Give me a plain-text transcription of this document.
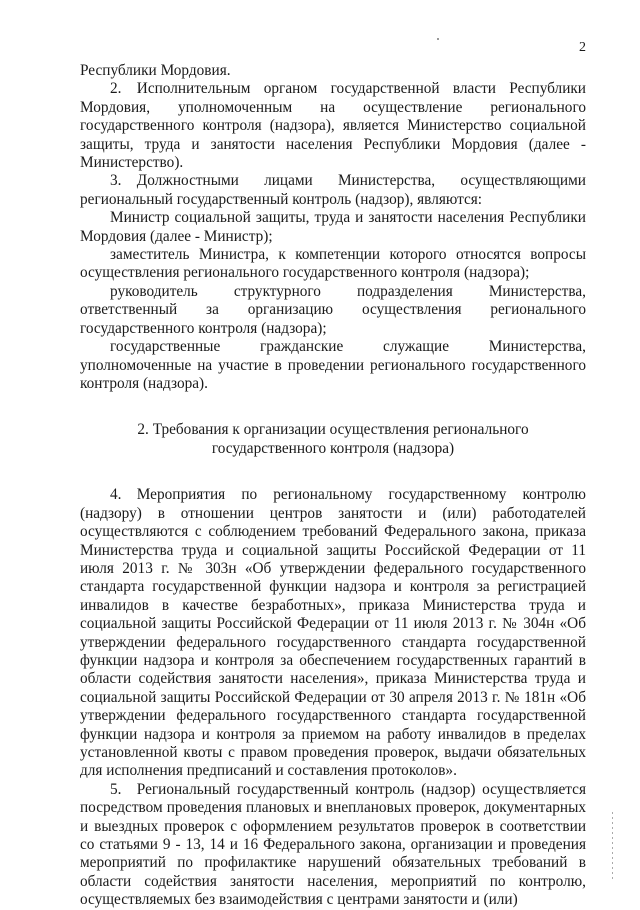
2

Республики Мордовия.

2. Исполнительным органом государственной власти Республики Мордовия, уполномоченным на осуществление регионального государственного контроля (надзора), является Министерство социальной защиты, труда и занятости населения Республики Мордовия (далее - Министерство).

3. Должностными лицами Министерства, осуществляющими региональный государственный контроль (надзор), являются:

Министр социальной защиты, труда и занятости населения Республики Мордовия (далее - Министр);

заместитель Министра, к компетенции которого относятся вопросы осуществления регионального государственного контроля (надзора);

руководитель структурного подразделения Министерства, ответственный за организацию осуществления регионального государственного контроля (надзора);

государственные гражданские служащие Министерства, уполномоченные на участие в проведении регионального государственного контроля (надзора).

2. Требования к организации осуществления регионального
государственного контроля (надзора)

4. Мероприятия по региональному государственному контролю (надзору) в отношении центров занятости и (или) работодателей осуществляются с соблюдением требований Федерального закона, приказа Министерства труда и социальной защиты Российской Федерации от 11 июля 2013 г. № 303н «Об утверждении федерального государственного стандарта государственной функции надзора и контроля за регистрацией инвалидов в качестве безработных», приказа Министерства труда и социальной защиты Российской Федерации от 11 июля 2013 г. № 304н «Об утверждении федерального государственного стандарта государственной функции надзора и контроля за обеспечением государственных гарантий в области содействия занятости населения», приказа Министерства труда и социальной защиты Российской Федерации от 30 апреля 2013 г. № 181н «Об утверждении федерального государственного стандарта государственной функции надзора и контроля за приемом на работу инвалидов в пределах установленной квоты с правом проведения проверок, выдачи обязательных для исполнения предписаний и составления протоколов».

5. Региональный государственный контроль (надзор) осуществляется посредством проведения плановых и внеплановых проверок, документарных и выездных проверок с оформлением результатов проверок в соответствии со статьями 9 - 13, 14 и 16 Федерального закона, организации и проведения мероприятий по профилактике нарушений обязательных требований в области содействия занятости населения, мероприятий по контролю, осуществляемых без взаимодействия с центрами занятости и (или)
